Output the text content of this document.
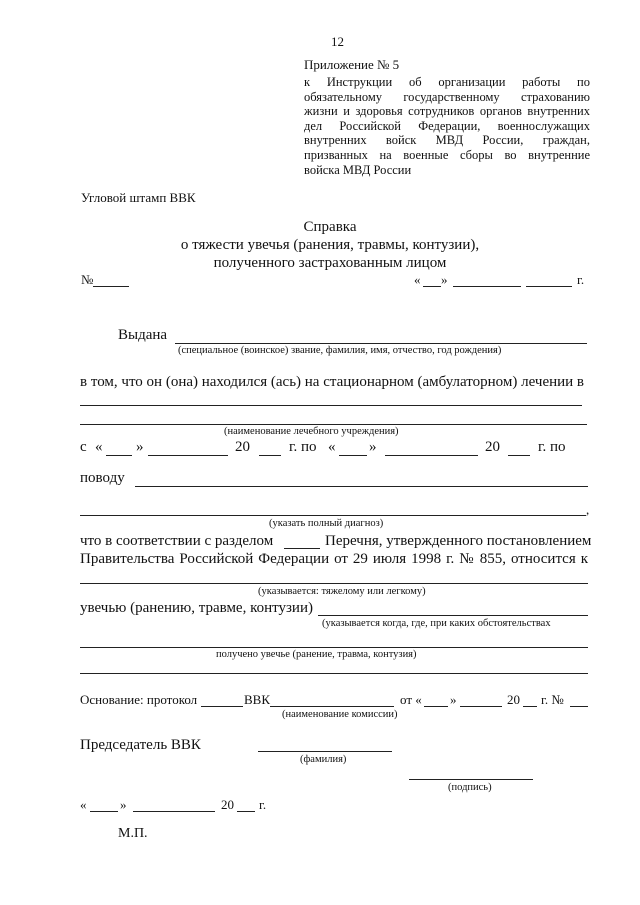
12
Приложение № 5
к Инструкции об организации работы по
обязательному государственному страхованию
жизни и здоровья сотрудников органов внутренних
дел Российской Федерации, военнослужащих
внутренних войск МВД России, граждан,
призванных на военные сборы во внутренние
войска МВД России
Угловой штамп ВВК
Справка
о тяжести увечья (ранения, травмы, контузии),
полученного застрахованным лицом
№	« »	г.
Выдана
(специальное (воинское) звание, фамилия, имя, отчество, год рождения)
в том, что он (она) находился (ась) на стационарном (амбулаторном) лечении в
(наименование лечебного учреждения)
с « »	20	г. по « »	20	г. по
поводу
,
(указать полный диагноз)
что в соответствии с разделом	Перечня, утвержденного постановлением
Правительства Российской Федерации от 29 июля 1998 г. № 855, относится к
(указывается: тяжелому или легкому)
увечью (ранению, травме, контузии)
(указывается когда, где, при каких обстоятельствах
получено увечье (ранение, травма, контузия)
Основание: протокол	ВВК
(наименование комиссии)
от « »	20 г. №
Председатель ВВК
(фамилия)
(подпись)
«	»	20 г.
М.П.
